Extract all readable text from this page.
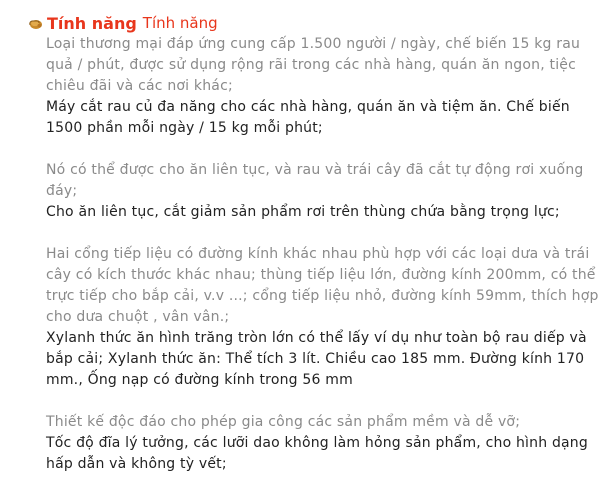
Tính năng Tính năng

Loại thương mại đáp ứng cung cấp 1.500 người / ngày, chế biến 15 kg rau quả / phút, được sử dụng rộng rãi trong các nhà hàng, quán ăn ngon, tiệc chiêu đãi và các nơi khác;

Máy cắt rau củ đa năng cho các nhà hàng, quán ăn và tiệm ăn. Chế biến 1500 phần mỗi ngày / 15 kg mỗi phút;

Nó có thể được cho ăn liên tục, và rau và trái cây đã cắt tự động rơi xuống đáy;

Cho ăn liên tục, cắt giảm sản phẩm rơi trên thùng chứa bằng trọng lực;

Hai cổng tiếp liệu có đường kính khác nhau phù hợp với các loại dưa và trái cây có kích thước khác nhau; thùng tiếp liệu lớn, đường kính 200mm, có thể trực tiếp cho bắp cải, v.v ...; cổng tiếp liệu nhỏ, đường kính 59mm, thích hợp cho dưa chuột , vân vân.;

Xylanh thức ăn hình trăng tròn lớn có thể lấy ví dụ như toàn bộ rau diếp và bắp cải; Xylanh thức ăn: Thể tích 3 lít. Chiều cao 185 mm. Đường kính 170 mm., Ống nạp có đường kính trong 56 mm

Thiết kế độc đáo cho phép gia công các sản phẩm mềm và dễ vỡ;

Tốc độ đĩa lý tưởng, các lưỡi dao không làm hỏng sản phẩm, cho hình dạng hấp dẫn và không tỳ vết;
